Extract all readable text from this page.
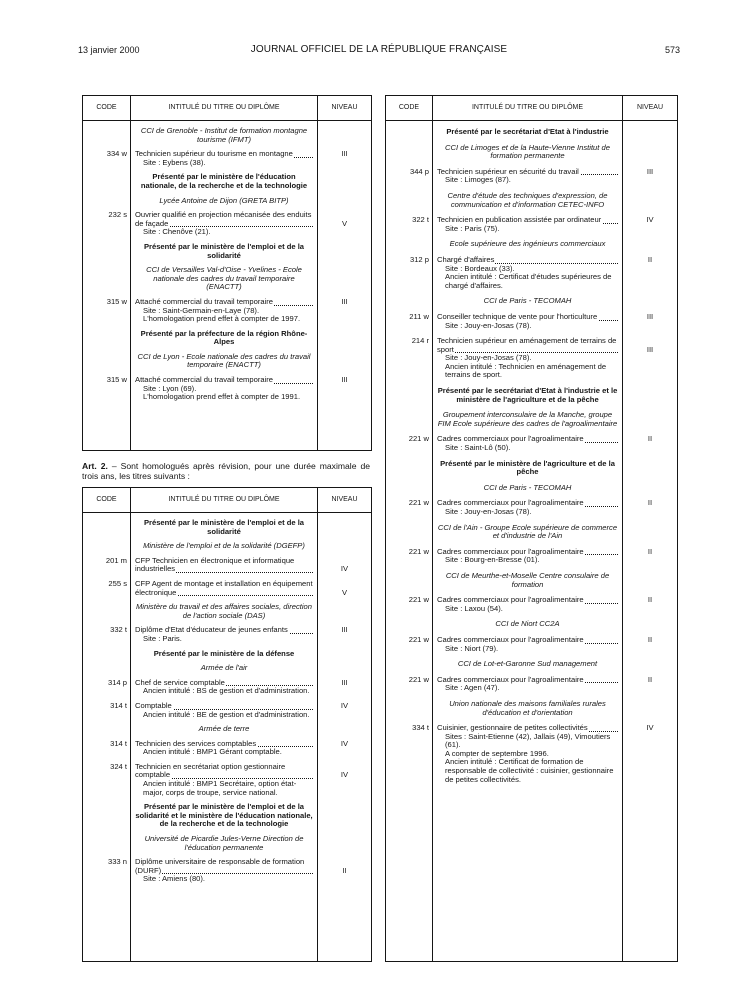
13 janvier 2000	JOURNAL OFFICIEL DE LA RÉPUBLIQUE FRANÇAISE	573
CODE	INTITULÉ DU TITRE OU DIPLÔME	NIVEAU

	CCI de Grenoble - Institut de formation montagne tourisme (IFMT)	

334 w	Technicien supérieur du tourisme en montagne
Site : Eybens (38).	III

	Présenté par le ministère de l'éducation nationale, de la recherche et de la technologie	

	Lycée Antoine de Dijon (GRETA BITP)	

232 s	Ouvrier qualifié en projection mécanisée des enduits de façade
Site : Chenôve (21).	V

	Présenté par le ministère de l'emploi et de la solidarité	

	CCI de Versailles Val-d'Oise - Yvelines - Ecole nationale des cadres du travail temporaire (ENACTT)	

315 w	Attaché commercial du travail temporaire
Site : Saint-Germain-en-Laye (78).
L'homologation prend effet à compter de 1997.	III

	Présenté par la préfecture de la région Rhône-Alpes	

	CCI de Lyon - Ecole nationale des cadres du travail temporaire (ENACTT)	

315 w	Attaché commercial du travail temporaire
Site : Lyon (69).
L'homologation prend effet à compter de 1991.	III

Art. 2. – Sont homologués après révision, pour une durée maximale de trois ans, les titres suivants :
CODE	INTITULÉ DU TITRE OU DIPLÔME	NIVEAU

	Présenté par le ministère de l'emploi et de la solidarité	

	Ministère de l'emploi et de la solidarité (DGEFP)	

201 m	CFP Technicien en électronique et informatique industrielles	IV

255 s	CFP Agent de montage et installation en équipement électronique	V

	Ministère du travail et des affaires sociales, direction de l'action sociale (DAS)	

332 t	Diplôme d'Etat d'éducateur de jeunes enfants
Site : Paris.	III

	Présenté par le ministère de la défense	

	Armée de l'air	

314 p	Chef de service comptable
Ancien intitulé : BS de gestion et d'administration.	III

314 t	Comptable
Ancien intitulé : BE de gestion et d'administration.	IV

	Armée de terre	

314 t	Technicien des services comptables
Ancien intitulé : BMP1 Gérant comptable.	IV

324 t	Technicien en secrétariat option gestionnaire comptable
Ancien intitulé : BMP1 Secrétaire, option état-major, corps de troupe, service national.	IV

	Présenté par le ministère de l'emploi et de la solidarité et le ministère de l'éducation nationale, de la recherche et de la technologie	

	Université de Picardie Jules-Verne Direction de l'éducation permanente	

333 n	Diplôme universitaire de responsable de formation (DURF)
Site : Amiens (80).	II

CODE	INTITULÉ DU TITRE OU DIPLÔME	NIVEAU

	Présenté par le secrétariat d'Etat à l'industrie	

	CCI de Limoges et de la Haute-Vienne Institut de formation permanente	

344 p	Technicien supérieur en sécurité du travail
Site : Limoges (87).	III

	Centre d'étude des techniques d'expression, de communication et d'information CETEC-INFO	

322 t	Technicien en publication assistée par ordinateur
Site : Paris (75).	IV

	Ecole supérieure des ingénieurs commerciaux	

312 p	Chargé d'affaires
Site : Bordeaux (33).
Ancien intitulé : Certificat d'études supérieures de chargé d'affaires.	II

	CCI de Paris - TECOMAH	

211 w	Conseiller technique de vente pour l'horticulture
Site : Jouy-en-Josas (78).	III

214 r	Technicien supérieur en aménagement de terrains de sport
Site : Jouy-en-Josas (78).
Ancien intitulé : Technicien en aménagement de terrains de sport.	III

	Présenté par le secrétariat d'Etat à l'industrie et le ministère de l'agriculture et de la pêche	

	Groupement interconsulaire de la Manche, groupe FIM Ecole supérieure des cadres de l'agroalimentaire	

221 w	Cadres commerciaux pour l'agroalimentaire
Site : Saint-Lô (50).	II

	Présenté par le ministère de l'agriculture et de la pêche	

	CCI de Paris - TECOMAH	

221 w	Cadres commerciaux pour l'agroalimentaire
Site : Jouy-en-Josas (78).	II

	CCI de l'Ain - Groupe Ecole supérieure de commerce et d'industrie de l'Ain	

221 w	Cadres commerciaux pour l'agroalimentaire
Site : Bourg-en-Bresse (01).	II

	CCI de Meurthe-et-Moselle Centre consulaire de formation	

221 w	Cadres commerciaux pour l'agroalimentaire
Site : Laxou (54).	II

	CCI de Niort CC2A	

221 w	Cadres commerciaux pour l'agroalimentaire
Site : Niort (79).	II

	CCI de Lot-et-Garonne Sud management	

221 w	Cadres commerciaux pour l'agroalimentaire
Site : Agen (47).	II

	Union nationale des maisons familiales rurales d'éducation et d'orientation	

334 t	Cuisinier, gestionnaire de petites collectivités
Sites : Saint-Etienne (42), Jallais (49), Vimoutiers (61).
A compter de septembre 1996.
Ancien intitulé : Certificat de formation de responsable de collectivité : cuisinier, gestionnaire de petites collectivités.	IV
